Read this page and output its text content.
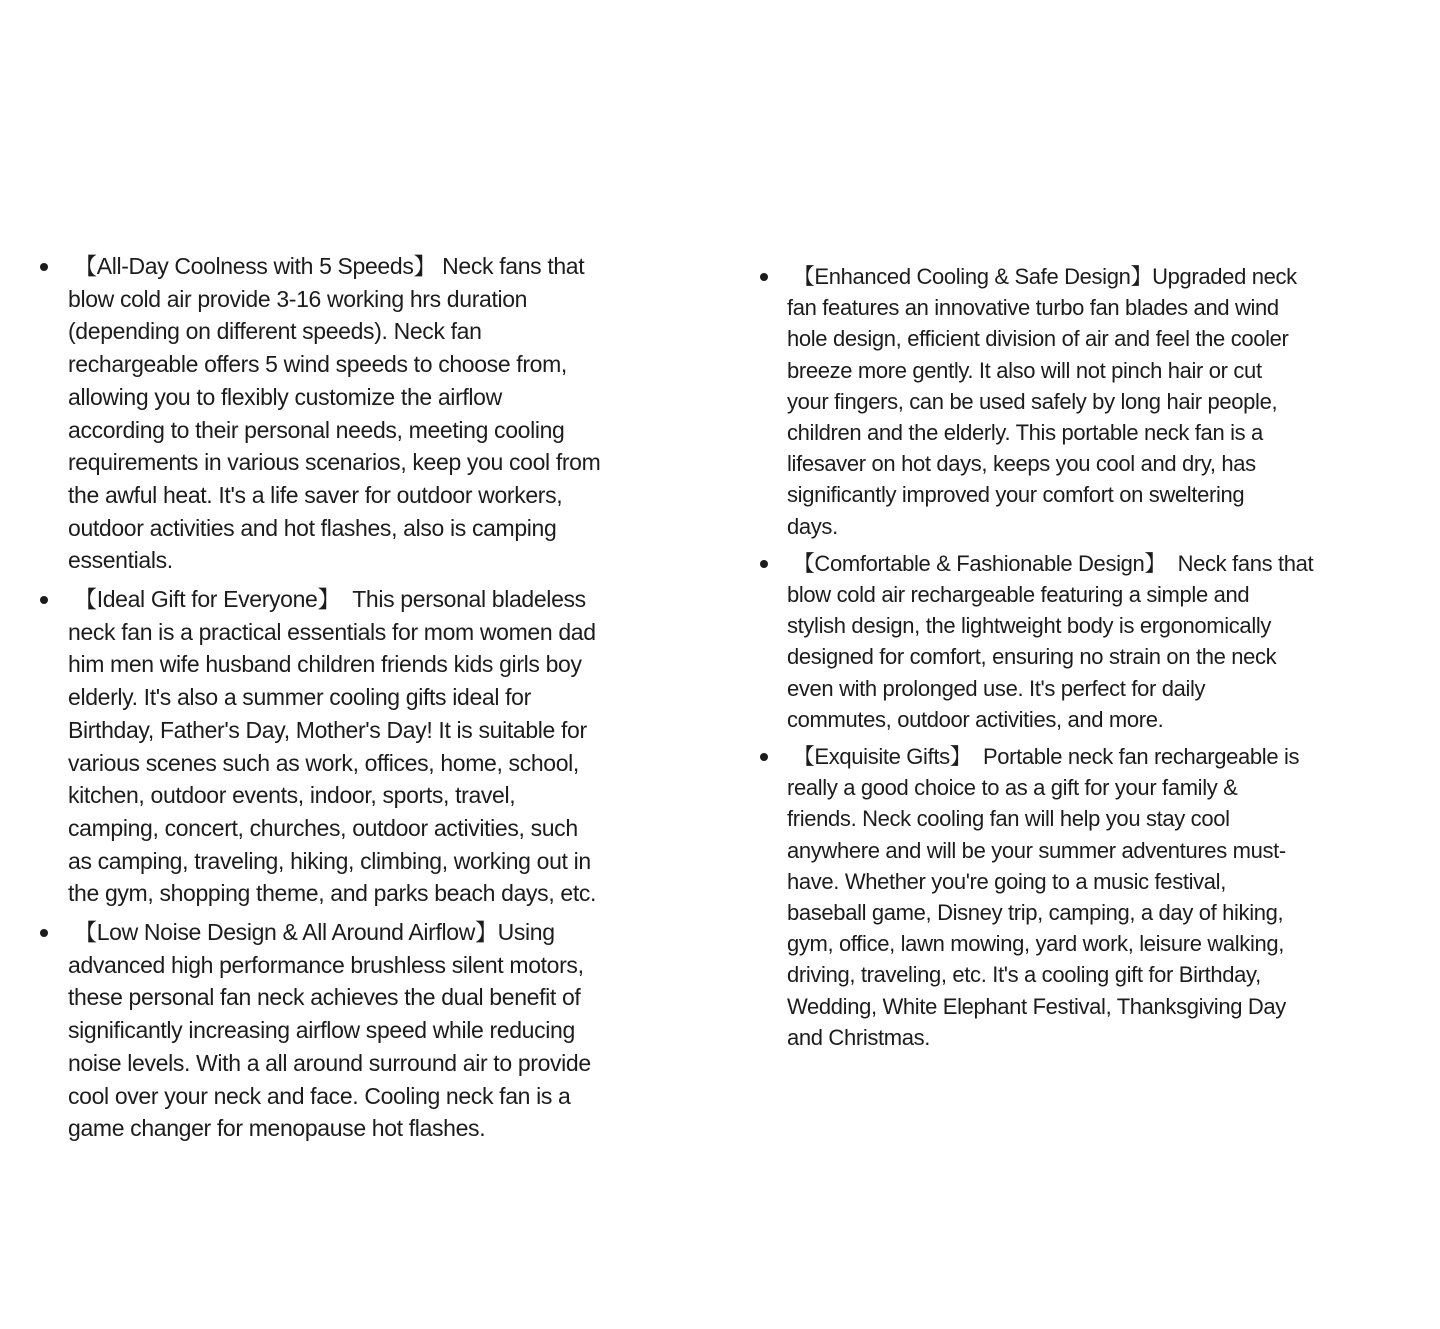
【All-Day Coolness with 5 Speeds】 Neck fans that
blow cold air provide 3-16 working hrs duration
(depending on different speeds). Neck fan
rechargeable offers 5 wind speeds to choose from,
allowing you to flexibly customize the airflow
according to their personal needs, meeting cooling
requirements in various scenarios, keep you cool from
the awful heat. It's a life saver for outdoor workers,
outdoor activities and hot flashes, also is camping
essentials.
【Ideal Gift for Everyone】  This personal bladeless
neck fan is a practical essentials for mom women dad
him men wife husband children friends kids girls boy
elderly. It's also a summer cooling gifts ideal for
Birthday, Father's Day, Mother's Day! It is suitable for
various scenes such as work, offices, home, school,
kitchen, outdoor events, indoor, sports, travel,
camping, concert, churches, outdoor activities, such
as camping, traveling, hiking, climbing, working out in
the gym, shopping theme, and parks beach days, etc.
【Low Noise Design & All Around Airflow】Using
advanced high performance brushless silent motors,
these personal fan neck achieves the dual benefit of
significantly increasing airflow speed while reducing
noise levels. With a all around surround air to provide
cool over your neck and face. Cooling neck fan is a
game changer for menopause hot flashes.
【Enhanced Cooling & Safe Design】Upgraded neck
fan features an innovative turbo fan blades and wind
hole design, efficient division of air and feel the cooler
breeze more gently. It also will not pinch hair or cut
your fingers, can be used safely by long hair people,
children and the elderly. This portable neck fan is a
lifesaver on hot days, keeps you cool and dry, has
significantly improved your comfort on sweltering
days.
【Comfortable & Fashionable Design】  Neck fans that
blow cold air rechargeable featuring a simple and
stylish design, the lightweight body is ergonomically
designed for comfort, ensuring no strain on the neck
even with prolonged use. It's perfect for daily
commutes, outdoor activities, and more.
【Exquisite Gifts】  Portable neck fan rechargeable is
really a good choice to as a gift for your family &
friends. Neck cooling fan will help you stay cool
anywhere and will be your summer adventures must-
have. Whether you're going to a music festival,
baseball game, Disney trip, camping, a day of hiking,
gym, office, lawn mowing, yard work, leisure walking,
driving, traveling, etc. It's a cooling gift for Birthday,
Wedding, White Elephant Festival, Thanksgiving Day
and Christmas.
